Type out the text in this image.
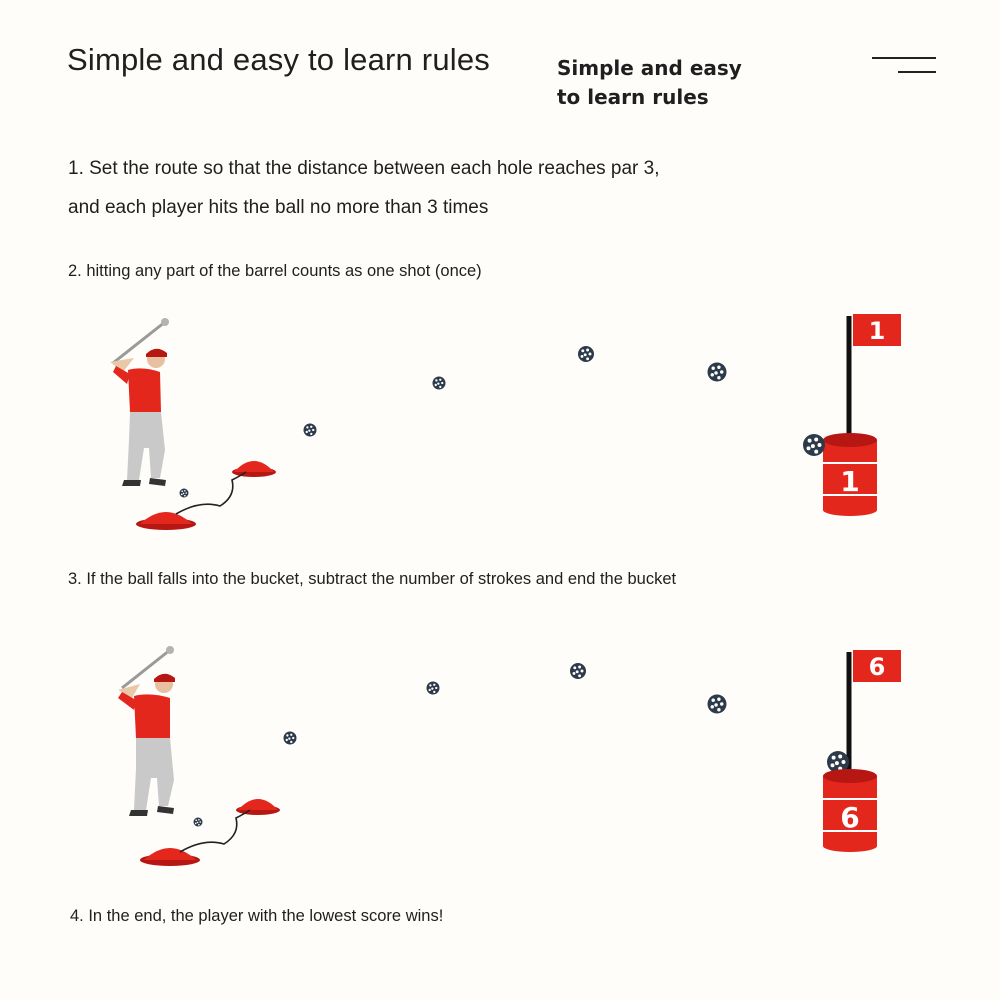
Simple and easy to learn rules	Simple and easy
to learn rules
1. Set the route so that the distance between each hole reaches par 3,
and each player hits the ball no more than 3 times
2. hitting any part of the barrel counts as one shot (once)
3. If the ball falls into the bucket, subtract the number of strokes and end the bucket
4. In the end, the player with the lowest score wins!
1
1
6
6
